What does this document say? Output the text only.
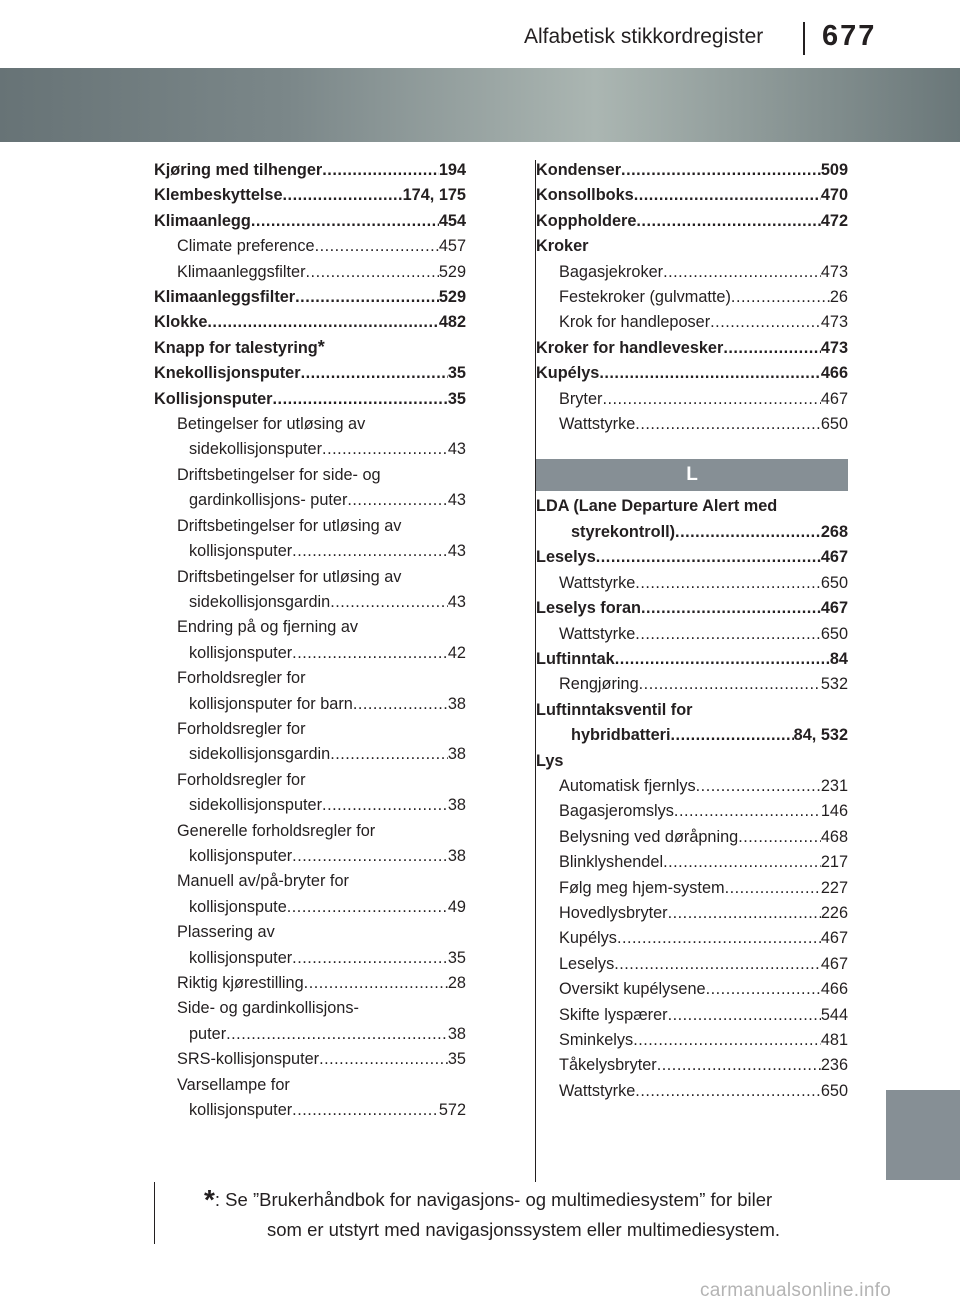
Alfabetisk stikkordregister 677
Kjøring med tilhenger .....	194
Klembeskyttelse .....	174, 175
Klimaanlegg .....	454
Climate preference .....	457
Klimaanleggsfilter .....	529
Klimaanleggsfilter .....	529
Klokke .....	482
Knapp for talestyring *
Knekollisjonsputer .....	35
Kollisjonsputer .....	35
Betingelser for utløsing av
sidekollisjonsputer .....	43
Driftsbetingelser for side- og
gardinkollisjons- puter .....	43
Driftsbetingelser for utløsing av
kollisjonsputer .....	43
Driftsbetingelser for utløsing av
sidekollisjonsgardin .....	43
Endring på og fjerning av
kollisjonsputer .....	42
Forholdsregler for
kollisjonsputer for barn .....	38
Forholdsregler for
sidekollisjonsgardin .....	38
Forholdsregler for
sidekollisjonsputer .....	38
Generelle forholdsregler for
kollisjonsputer .....	38
Manuell av/på-bryter for
kollisjonspute .....	49
Plassering av
kollisjonsputer .....	35
Riktig kjørestilling .....	28
Side- og gardinkollisjons-
puter .....	38
SRS-kollisjonsputer .....	35
Varsellampe for
kollisjonsputer .....	572
Kondenser .....	509
Konsollboks .....	470
Koppholdere .....	472
Kroker
Bagasjekroker .....	473
Festekroker (gulvmatte) .....	26
Krok for handleposer .....	473
Kroker for handlevesker .....	473
Kupélys .....	466
Bryter .....	467
Wattstyrke .....	650
L
LDA (Lane Departure Alert med
styrekontroll) .....	268
Leselys .....	467
Wattstyrke .....	650
Leselys foran .....	467
Wattstyrke .....	650
Luftinntak .....	84
Rengjøring .....	532
Luftinntaksventil for
hybridbatteri .....	84, 532
Lys
Automatisk fjernlys .....	231
Bagasjeromslys .....	146
Belysning ved døråpning .....	468
Blinklyshendel .....	217
Følg meg hjem-system .....	227
Hovedlysbryter .....	226
Kupélys .....	467
Leselys .....	467
Oversikt kupélysene .....	466
Skifte lyspærer .....	544
Sminkelys .....	481
Tåkelysbryter .....	236
Wattstyrke .....	650
*: Se ”Brukerhåndbok for navigasjons- og multimediesystem” for biler
som er utstyrt med navigasjonssystem eller multimediesystem.
carmanualsonline.info
